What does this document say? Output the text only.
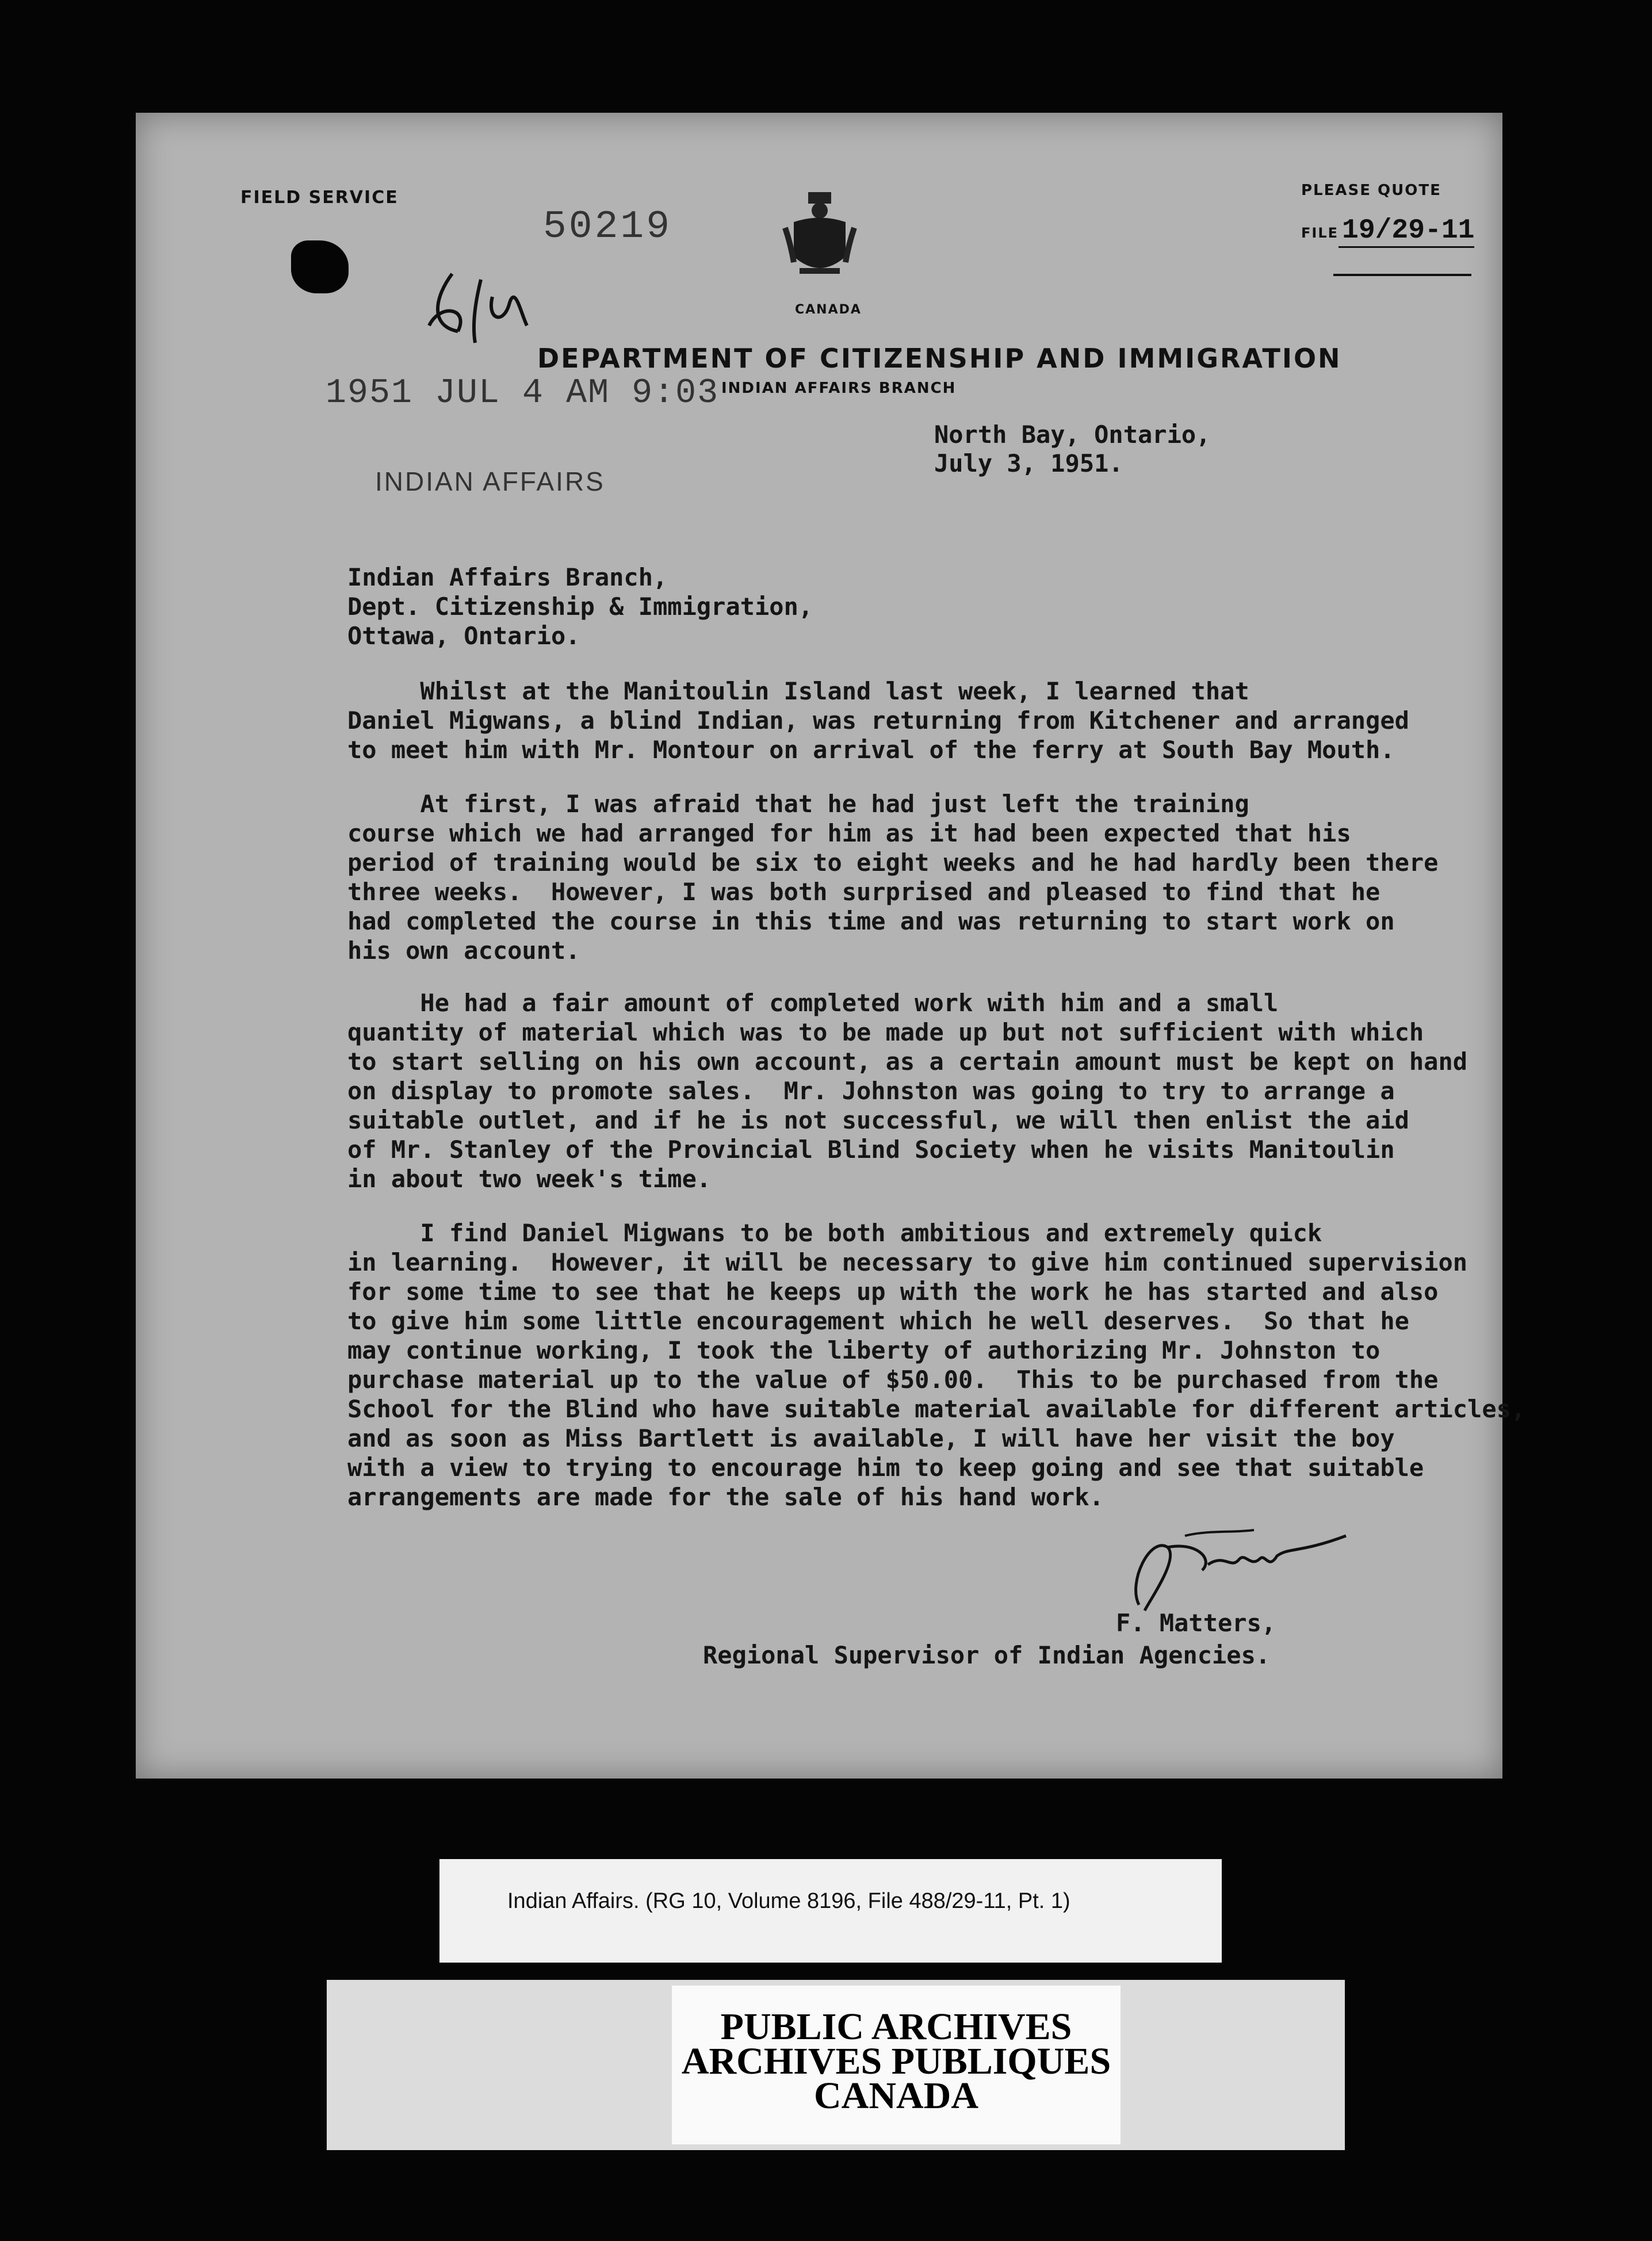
FIELD SERVICE	PLEASE QUOTE
FILE 19/29-11
50219
CANADA
DEPARTMENT OF CITIZENSHIP AND IMMIGRATION
INDIAN AFFAIRS BRANCH
1951 JUL 4 AM 9:03
INDIAN AFFAIRS
North Bay, Ontario,
July 3, 1951.
Indian Affairs Branch,
Dept. Citizenship & Immigration,
Ottawa, Ontario.
Whilst at the Manitoulin Island last week, I learned that
Daniel Migwans, a blind Indian, was returning from Kitchener and arranged
to meet him with Mr. Montour on arrival of the ferry at South Bay Mouth.
At first, I was afraid that he had just left the training
course which we had arranged for him as it had been expected that his
period of training would be six to eight weeks and he had hardly been there
three weeks.  However, I was both surprised and pleased to find that he
had completed the course in this time and was returning to start work on
his own account.
He had a fair amount of completed work with him and a small
quantity of material which was to be made up but not sufficient with which
to start selling on his own account, as a certain amount must be kept on hand
on display to promote sales.  Mr. Johnston was going to try to arrange a
suitable outlet, and if he is not successful, we will then enlist the aid
of Mr. Stanley of the Provincial Blind Society when he visits Manitoulin
in about two week's time.
I find Daniel Migwans to be both ambitious and extremely quick
in learning.  However, it will be necessary to give him continued supervision
for some time to see that he keeps up with the work he has started and also
to give him some little encouragement which he well deserves.  So that he
may continue working, I took the liberty of authorizing Mr. Johnston to
purchase material up to the value of $50.00.  This to be purchased from the
School for the Blind who have suitable material available for different articles,
and as soon as Miss Bartlett is available, I will have her visit the boy
with a view to trying to encourage him to keep going and see that suitable
arrangements are made for the sale of his hand work.
F. Matters,
Regional Supervisor of Indian Agencies.
Indian Affairs. (RG 10, Volume 8196, File 488/29-11, Pt. 1)
PUBLIC ARCHIVES
ARCHIVES PUBLIQUES
CANADA
